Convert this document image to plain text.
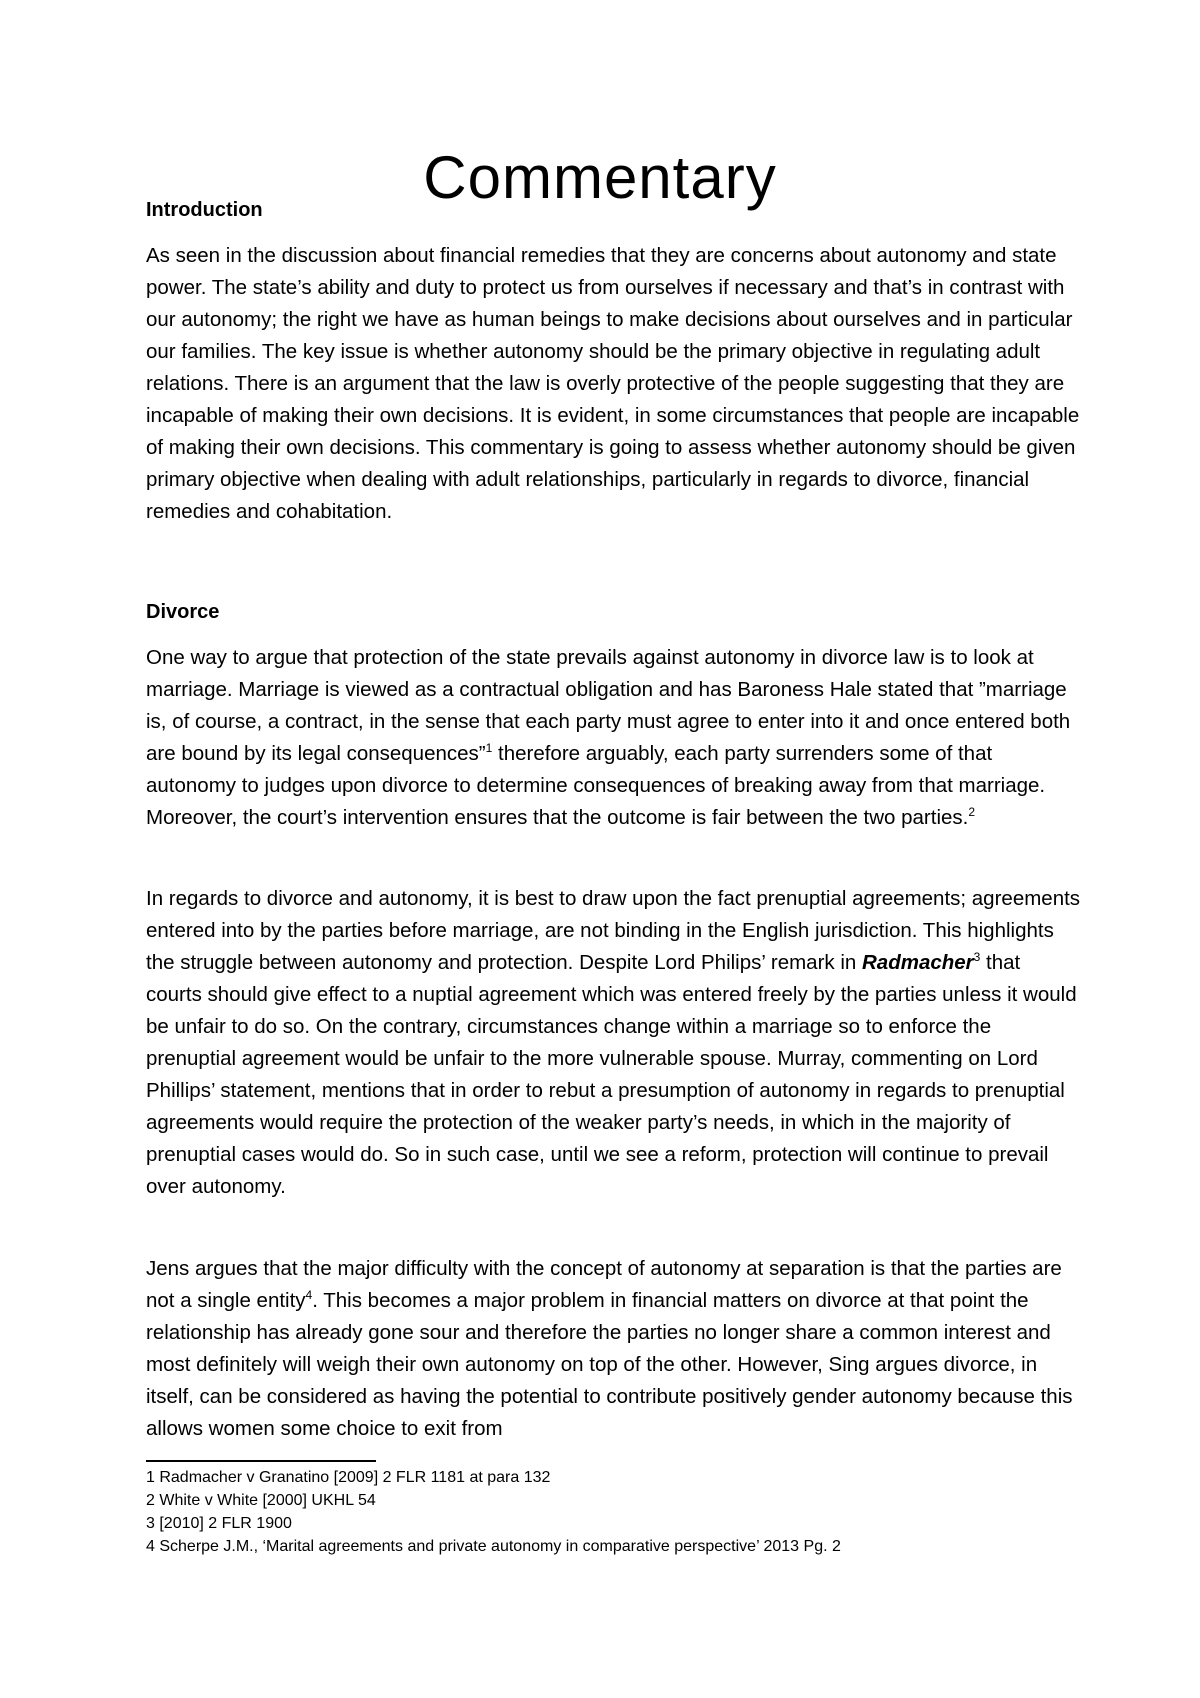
Commentary
Introduction
As seen in the discussion about financial remedies that they are concerns about autonomy and state power. The state’s ability and duty to protect us from ourselves if necessary and that’s in contrast with our autonomy; the right we have as human beings to make decisions about ourselves and in particular our families. The key issue is whether autonomy should be the primary objective in regulating adult relations. There is an argument that the law is overly protective of the people suggesting that they are incapable of making their own decisions. It is evident, in some circumstances that people are incapable of making their own decisions. This commentary is going to assess whether autonomy should be given primary objective when dealing with adult relationships, particularly in regards to divorce, financial remedies and cohabitation.
Divorce
One way to argue that protection of the state prevails against autonomy in divorce law is to look at marriage. Marriage is viewed as a contractual obligation and has Baroness Hale stated that ”marriage is, of course, a contract, in the sense that each party must agree to enter into it and once entered both are bound by its legal consequences”$^1$ therefore arguably, each party surrenders some of that autonomy to judges upon divorce to determine consequences of breaking away from that marriage. Moreover, the court’s intervention ensures that the outcome is fair between the two parties.$^2$
In regards to divorce and autonomy, it is best to draw upon the fact prenuptial agreements; agreements entered into by the parties before marriage, are not binding in the English jurisdiction. This highlights the struggle between autonomy and protection. Despite Lord Philips’ remark in Radmacher$^3$ that courts should give effect to a nuptial agreement which was entered freely by the parties unless it would be unfair to do so. On the contrary, circumstances change within a marriage so to enforce the prenuptial agreement would be unfair to the more vulnerable spouse. Murray, commenting on Lord Phillips’ statement, mentions that in order to rebut a presumption of autonomy in regards to prenuptial agreements would require the protection of the weaker party’s needs, in which in the majority of prenuptial cases would do. So in such case, until we see a reform, protection will continue to prevail over autonomy.
Jens argues that the major difficulty with the concept of autonomy at separation is that the parties are not a single entity$^4$. This becomes a major problem in financial matters on divorce at that point the relationship has already gone sour and therefore the parties no longer share a common interest and most definitely will weigh their own autonomy on top of the other. However, Sing argues divorce, in itself, can be considered as having the potential to contribute positively gender autonomy because this allows women some choice to exit from
1 Radmacher v Granatino [2009] 2 FLR 1181 at para 132
2 White v White [2000] UKHL 54
3 [2010] 2 FLR 1900
4 Scherpe J.M., ‘Marital agreements and private autonomy in comparative perspective’ 2013 Pg. 2
